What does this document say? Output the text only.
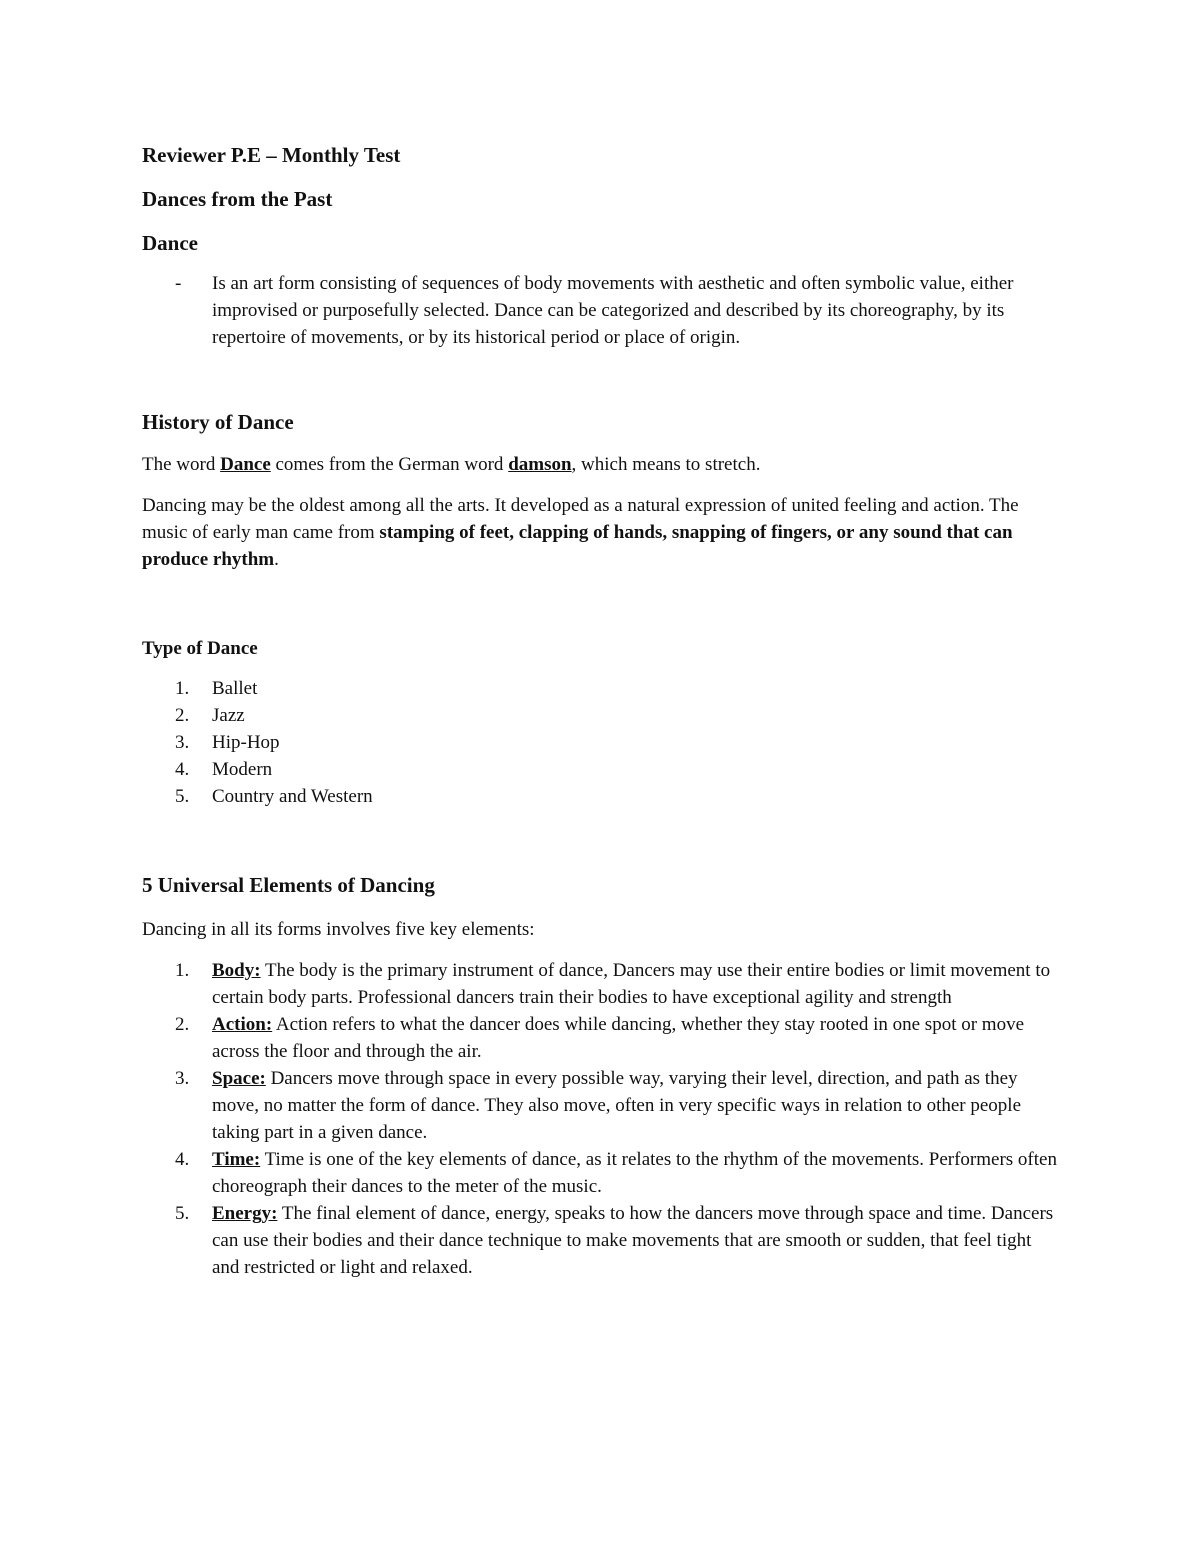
Reviewer P.E – Monthly Test
Dances from the Past
Dance
- Is an art form consisting of sequences of body movements with aesthetic and often symbolic value, either improvised or purposefully selected. Dance can be categorized and described by its choreography, by its repertoire of movements, or by its historical period or place of origin.
History of Dance

The word Dance comes from the German word damson, which means to stretch.

Dancing may be the oldest among all the arts. It developed as a natural expression of united feeling and action. The music of early man came from stamping of feet, clapping of hands, snapping of fingers, or any sound that can produce rhythm.

Type of Dance
1. Ballet
2. Jazz
3. Hip-Hop
4. Modern
5. Country and Western
5 Universal Elements of Dancing

Dancing in all its forms involves five key elements:

1. Body: The body is the primary instrument of dance, Dancers may use their entire bodies or limit movement to certain body parts. Professional dancers train their bodies to have exceptional agility and strength
2. Action: Action refers to what the dancer does while dancing, whether they stay rooted in one spot or move across the floor and through the air.
3. Space: Dancers move through space in every possible way, varying their level, direction, and path as they move, no matter the form of dance. They also move, often in very specific ways in relation to other people taking part in a given dance.
4. Time: Time is one of the key elements of dance, as it relates to the rhythm of the movements. Performers often choreograph their dances to the meter of the music.
5. Energy: The final element of dance, energy, speaks to how the dancers move through space and time. Dancers can use their bodies and their dance technique to make movements that are smooth or sudden, that feel tight and restricted or light and relaxed.
